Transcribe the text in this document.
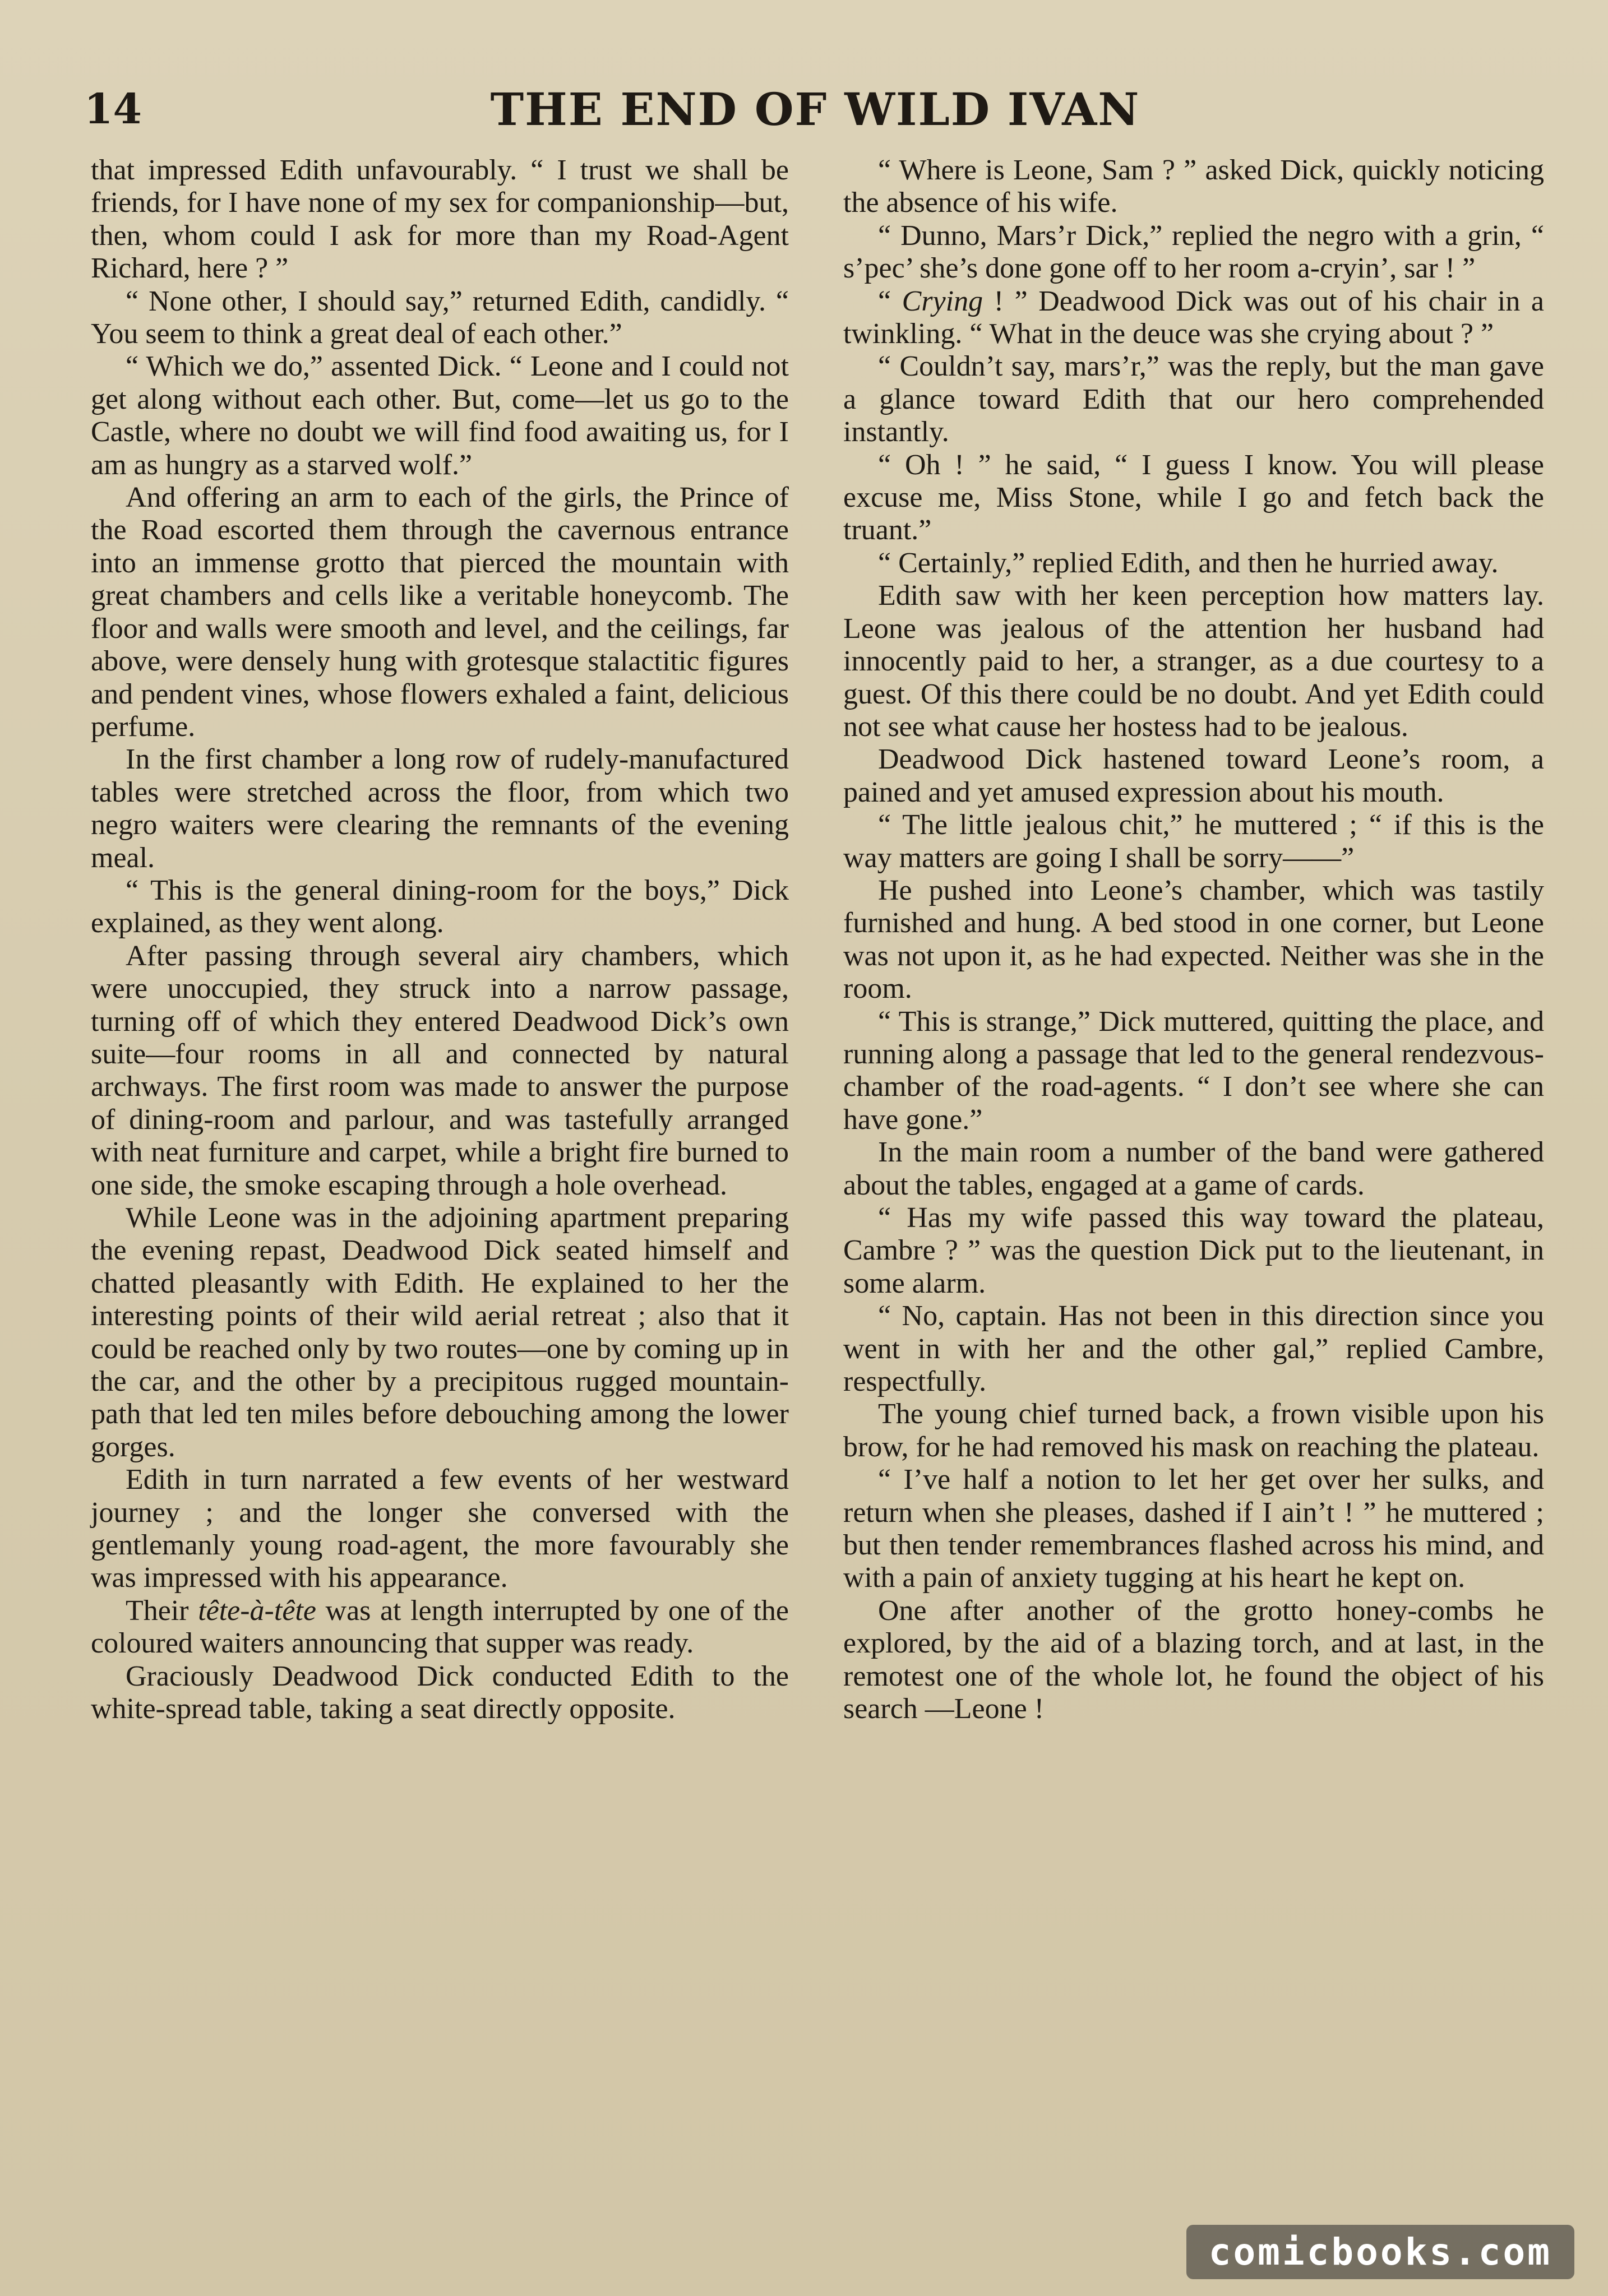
14	THE END OF WILD IVAN

that impressed Edith unfavourably. “ I trust we shall be friends, for I have none of my sex for companionship—but, then, whom could I ask for more than my Road-Agent Richard, here ? ”

“ None other, I should say,” returned Edith, candidly. “ You seem to think a great deal of each other.”

“ Which we do,” assented Dick. “ Leone and I could not get along without each other. But, come—let us go to the Castle, where no doubt we will find food awaiting us, for I am as hungry as a starved wolf.”

And offering an arm to each of the girls, the Prince of the Road escorted them through the cavernous entrance into an immense grotto that pierced the mountain with great chambers and cells like a veritable honeycomb. The floor and walls were smooth and level, and the ceilings, far above, were densely hung with grotesque stalactitic figures and pendent vines, whose flowers exhaled a faint, delicious perfume.

In the first chamber a long row of rudely-manufactured tables were stretched across the floor, from which two negro waiters were clearing the remnants of the evening meal.

“ This is the general dining-room for the boys,” Dick explained, as they went along.

After passing through several airy chambers, which were unoccupied, they struck into a narrow passage, turning off of which they entered Deadwood Dick’s own suite—four rooms in all and connected by natural archways. The first room was made to answer the purpose of dining-room and parlour, and was tastefully arranged with neat furniture and carpet, while a bright fire burned to one side, the smoke escaping through a hole overhead.

While Leone was in the adjoining apartment preparing the evening repast, Deadwood Dick seated himself and chatted pleasantly with Edith. He explained to her the interesting points of their wild aerial retreat ; also that it could be reached only by two routes—one by coming up in the car, and the other by a precipitous rugged mountain-path that led ten miles before debouching among the lower gorges.

Edith in turn narrated a few events of her westward journey ; and the longer she conversed with the gentlemanly young road-agent, the more favourably she was impressed with his appearance.

Their tête-à-tête was at length interrupted by one of the coloured waiters announcing that supper was ready.

Graciously Deadwood Dick conducted Edith to the white-spread table, taking a seat directly opposite.

“ Where is Leone, Sam ? ” asked Dick, quickly noticing the absence of his wife.

“ Dunno, Mars’r Dick,” replied the negro with a grin, “ s’pec’ she’s done gone off to her room a-cryin’, sar ! ”

“ Crying ! ” Deadwood Dick was out of his chair in a twinkling. “ What in the deuce was she crying about ? ”

“ Couldn’t say, mars’r,” was the reply, but the man gave a glance toward Edith that our hero comprehended instantly.

“ Oh ! ” he said, “ I guess I know. You will please excuse me, Miss Stone, while I go and fetch back the truant.”

“ Certainly,” replied Edith, and then he hurried away.

Edith saw with her keen perception how matters lay. Leone was jealous of the attention her husband had innocently paid to her, a stranger, as a due courtesy to a guest. Of this there could be no doubt. And yet Edith could not see what cause her hostess had to be jealous.

Deadwood Dick hastened toward Leone’s room, a pained and yet amused expression about his mouth.

“ The little jealous chit,” he muttered ; “ if this is the way matters are going I shall be sorry——”

He pushed into Leone’s chamber, which was tastily furnished and hung. A bed stood in one corner, but Leone was not upon it, as he had expected. Neither was she in the room.

“ This is strange,” Dick muttered, quitting the place, and running along a passage that led to the general rendezvous-chamber of the road-agents. “ I don’t see where she can have gone.”

In the main room a number of the band were gathered about the tables, engaged at a game of cards.

“ Has my wife passed this way toward the plateau, Cambre ? ” was the question Dick put to the lieutenant, in some alarm.

“ No, captain. Has not been in this direction since you went in with her and the other gal,” replied Cambre, respectfully.

The young chief turned back, a frown visible upon his brow, for he had removed his mask on reaching the plateau.

“ I’ve half a notion to let her get over her sulks, and return when she pleases, dashed if I ain’t ! ” he muttered ; but then tender remembrances flashed across his mind, and with a pain of anxiety tugging at his heart he kept on.

One after another of the grotto honey-combs he explored, by the aid of a blazing torch, and at last, in the remotest one of the whole lot, he found the object of his search —Leone !

comicbooks.com
